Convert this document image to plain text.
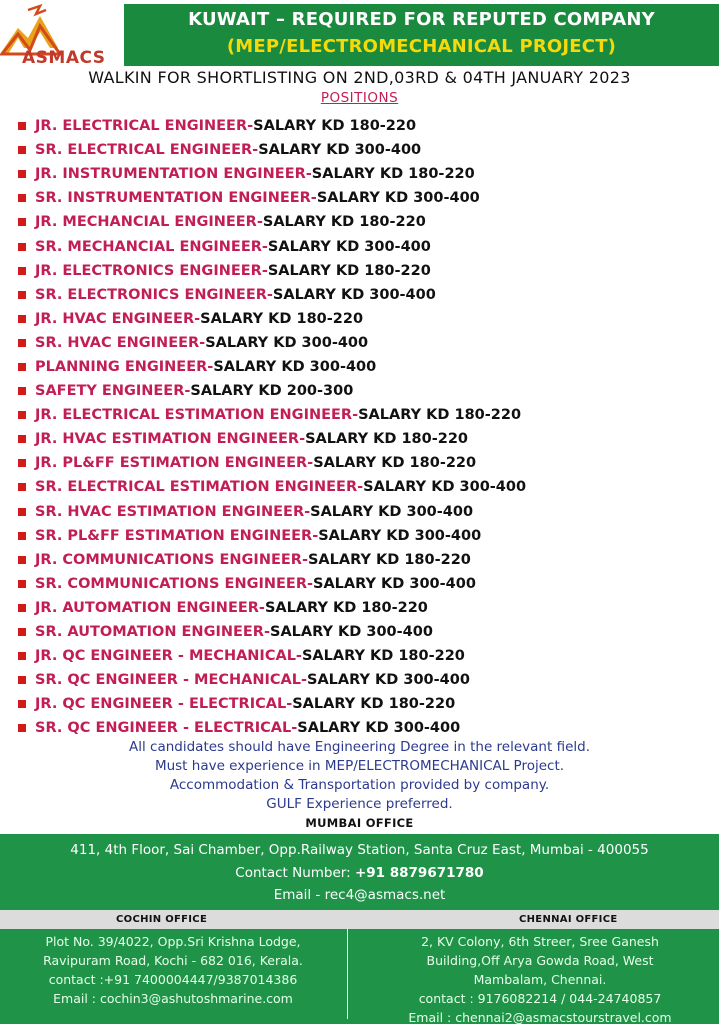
ASMACS
KUWAIT – REQUIRED FOR REPUTED COMPANY
(MEP/ELECTROMECHANICAL PROJECT)
WALKIN FOR SHORTLISTING ON 2ND,03RD & 04TH JANUARY 2023
POSITIONS
JR. ELECTRICAL ENGINEER- SALARY KD 180-220
SR. ELECTRICAL ENGINEER- SALARY KD 300-400
JR. INSTRUMENTATION ENGINEER- SALARY KD 180-220
SR. INSTRUMENTATION ENGINEER- SALARY KD 300-400
JR. MECHANCIAL ENGINEER- SALARY KD 180-220
SR. MECHANCIAL ENGINEER- SALARY KD 300-400
JR. ELECTRONICS ENGINEER- SALARY KD 180-220
SR. ELECTRONICS ENGINEER- SALARY KD 300-400
JR. HVAC ENGINEER- SALARY KD 180-220
SR. HVAC ENGINEER- SALARY KD 300-400
PLANNING ENGINEER- SALARY KD 300-400
SAFETY ENGINEER- SALARY KD 200-300
JR. ELECTRICAL ESTIMATION ENGINEER- SALARY KD 180-220
JR. HVAC ESTIMATION ENGINEER- SALARY KD 180-220
JR. PL&FF ESTIMATION ENGINEER- SALARY KD 180-220
SR. ELECTRICAL ESTIMATION ENGINEER- SALARY KD 300-400
SR. HVAC ESTIMATION ENGINEER- SALARY KD 300-400
SR. PL&FF ESTIMATION ENGINEER- SALARY KD 300-400
JR. COMMUNICATIONS ENGINEER- SALARY KD 180-220
SR. COMMUNICATIONS ENGINEER- SALARY KD 300-400
JR. AUTOMATION ENGINEER- SALARY KD 180-220
SR. AUTOMATION ENGINEER- SALARY KD 300-400
JR. QC ENGINEER - MECHANICAL- SALARY KD 180-220
SR. QC ENGINEER - MECHANICAL- SALARY KD 300-400
JR. QC ENGINEER - ELECTRICAL- SALARY KD 180-220
SR. QC ENGINEER - ELECTRICAL- SALARY KD 300-400
All candidates should have Engineering Degree in the relevant field.
Must have experience in MEP/ELECTROMECHANICAL Project.
Accommodation & Transportation provided by company.
GULF Experience preferred.
MUMBAI OFFICE
411, 4th Floor, Sai Chamber, Opp.Railway Station, Santa Cruz East, Mumbai - 400055
Contact Number: +91 8879671780
Email - rec4@asmacs.net
COCHIN OFFICE	CHENNAI OFFICE
Plot No. 39/4022, Opp.Sri Krishna Lodge,
Ravipuram Road, Kochi - 682 016, Kerala.
contact :+91 7400004447/9387014386
Email : cochin3@ashutoshmarine.com
2, KV Colony, 6th Streer, Sree Ganesh
Building,Off Arya Gowda Road, West
Mambalam, Chennai.
contact : 9176082214 / 044-24740857
Email : chennai2@asmacstourstravel.com
